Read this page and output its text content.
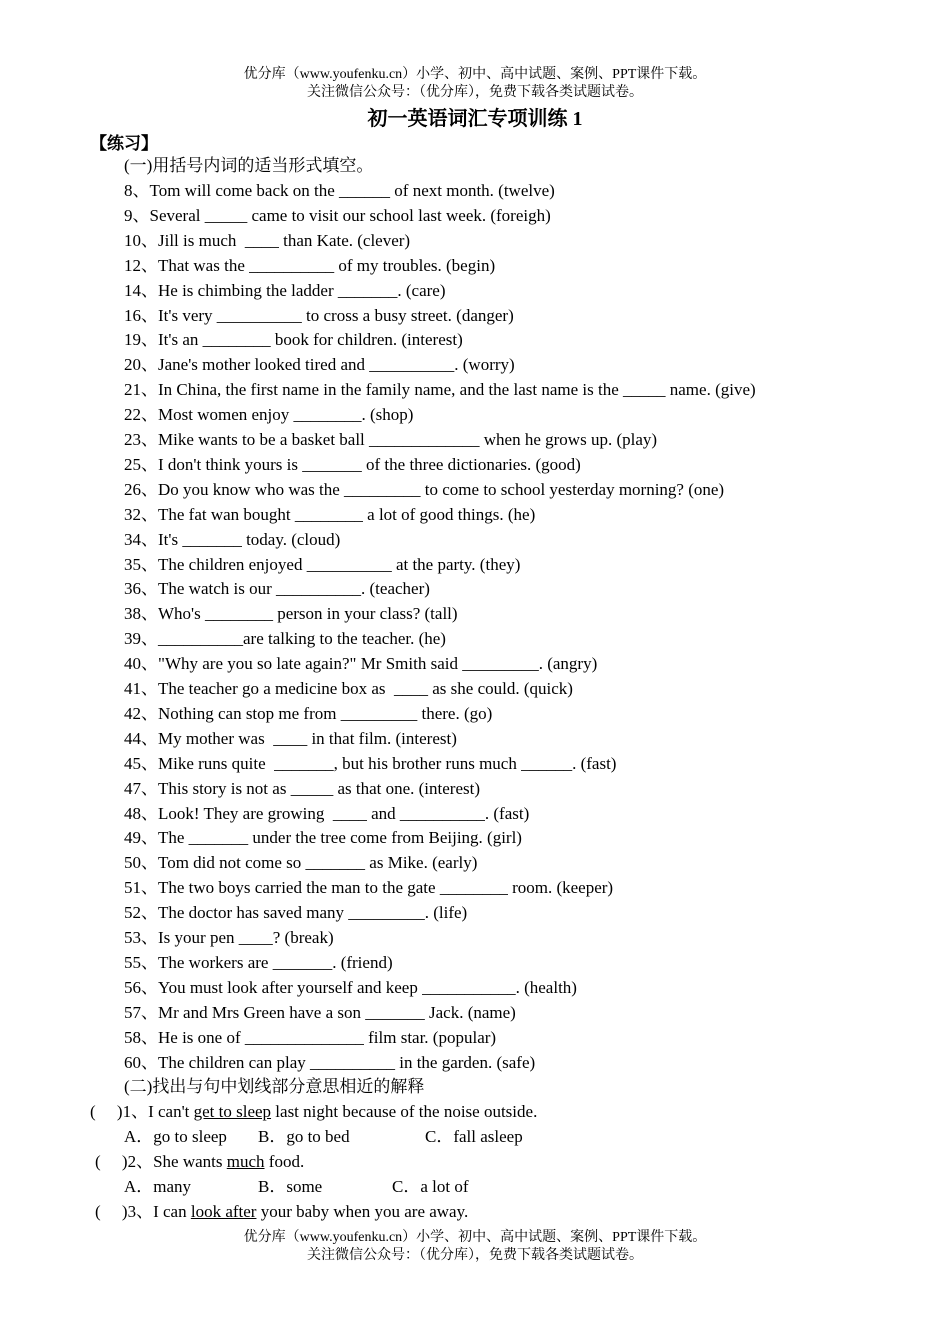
优分库（www.youfenku.cn）小学、初中、高中试题、案例、PPT课件下载。
关注微信公众号：（优分库），免费下载各类试题试卷。
初一英语词汇专项训练 1
【练习】
(一)用括号内词的适当形式填空。
8、Tom will come back on the ______ of next month. (twelve)
9、Several _____ came to visit our school last week. (foreigh)
10、Jill is much  ____ than Kate. (clever)
12、That was the __________ of my troubles. (begin)
14、He is chimbing the ladder _______. (care)
16、It's very __________ to cross a busy street. (danger)
19、It's an ________ book for children. (interest)
20、Jane's mother looked tired and __________. (worry)
21、In China, the first name in the family name, and the last name is the _____ name. (give)
22、Most women enjoy ________. (shop)
23、Mike wants to be a basket ball _____________ when he grows up. (play)
25、I don't think yours is _______ of the three dictionaries. (good)
26、Do you know who was the _________ to come to school yesterday morning? (one)
32、The fat wan bought ________ a lot of good things. (he)
34、It's _______ today. (cloud)
35、The children enjoyed __________ at the party. (they)
36、The watch is our __________. (teacher)
38、Who's ________ person in your class? (tall)
39、__________are talking to the teacher. (he)
40、"Why are you so late again?" Mr Smith said _________. (angry)
41、The teacher go a medicine box as  ____ as she could. (quick)
42、Nothing can stop me from _________ there. (go)
44、My mother was  ____ in that film. (interest)
45、Mike runs quite  _______, but his brother runs much ______. (fast)
47、This story is not as _____ as that one. (interest)
48、Look! They are growing  ____ and __________. (fast)
49、The _______ under the tree come from Beijing. (girl)
50、Tom did not come so _______ as Mike. (early)
51、The two boys carried the man to the gate ________ room. (keeper)
52、The doctor has saved many _________. (life)
53、Is your pen ____? (break)
55、The workers are _______. (friend)
56、You must look after yourself and keep ___________. (health)
57、Mr and Mrs Green have a son _______ Jack. (name)
58、He is one of ______________ film star. (popular)
60、The children can play __________ in the garden. (safe)
(二)找出与句中划线部分意思相近的解释
(     )1、I can't get to sleep last night because of the noise outside.
A．go to sleep B．go to bed	C．fall asleep
(     )2、She wants much food.
A．many	B．some	C．a lot of
(     )3、I can look after your baby when you are away.
优分库（www.youfenku.cn）小学、初中、高中试题、案例、PPT课件下载。
关注微信公众号：（优分库），免费下载各类试题试卷。
